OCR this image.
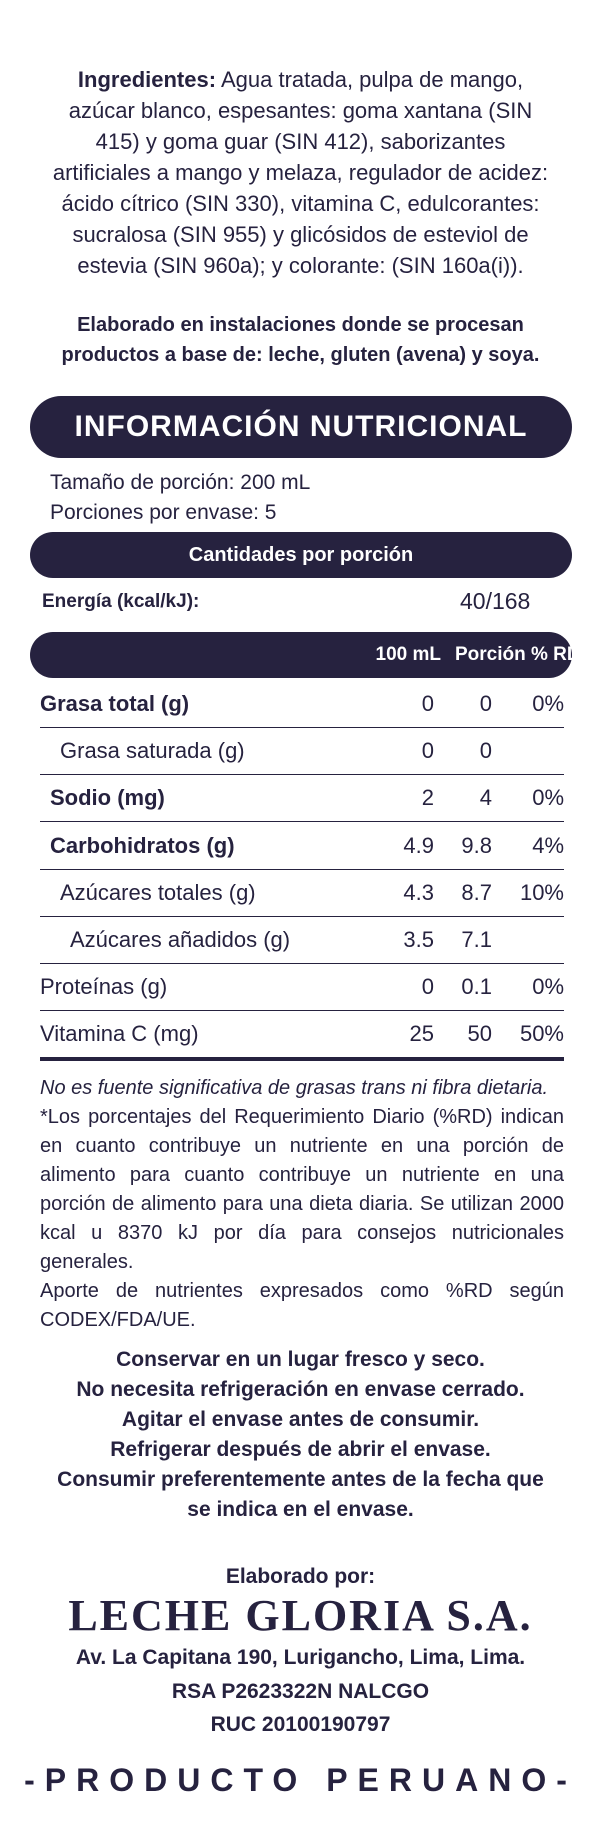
Ingredientes: Agua tratada, pulpa de mango, azúcar blanco, espesantes: goma xantana (SIN 415) y goma guar (SIN 412), saborizantes artificiales a mango y melaza, regulador de acidez: ácido cítrico (SIN 330), vitamina C, edulcorantes: sucralosa (SIN 955) y glicósidos de esteviol de estevia (SIN 960a); y colorante: (SIN 160a(i)).
Elaborado en instalaciones donde se procesan
productos a base de: leche, gluten (avena) y soya.
INFORMACIÓN NUTRICIONAL
Tamaño de porción: 200 mL
Porciones por envase: 5
Cantidades por porción
Energía (kcal/kJ):	40/168
100 mL Porción % RD*
Grasa total (g)	0 0 0%
Grasa saturada (g)	0 0
Sodio (mg)	2 4 0%
Carbohidratos (g)	4.9 9.8 4%
Azúcares totales (g)	4.3 8.7 10%
Azúcares añadidos (g)	3.5 7.1
Proteínas (g)	0 0.1 0%
Vitamina C (mg)	25 50 50%

No es fuente significativa de grasas trans ni fibra dietaria.

*Los porcentajes del Requerimiento Diario (%RD) indican en cuanto contribuye un nutriente en una porción de alimento para cuanto contribuye un nutriente en una porción de alimento para una dieta diaria. Se utilizan 2000 kcal u 8370 kJ por día para consejos nutricionales generales.

Aporte de nutrientes expresados como %RD según CODEX/FDA/UE.

Conservar en un lugar fresco y seco.
No necesita refrigeración en envase cerrado.
Agitar el envase antes de consumir.
Refrigerar después de abrir el envase.
Consumir preferentemente antes de la fecha que
se indica en el envase.
Elaborado por:
LECHE GLORIA S.A.
Av. La Capitana 190, Lurigancho, Lima, Lima.
RSA P2623322N NALCGO
RUC 20100190797
-PRODUCTO PERUANO-
